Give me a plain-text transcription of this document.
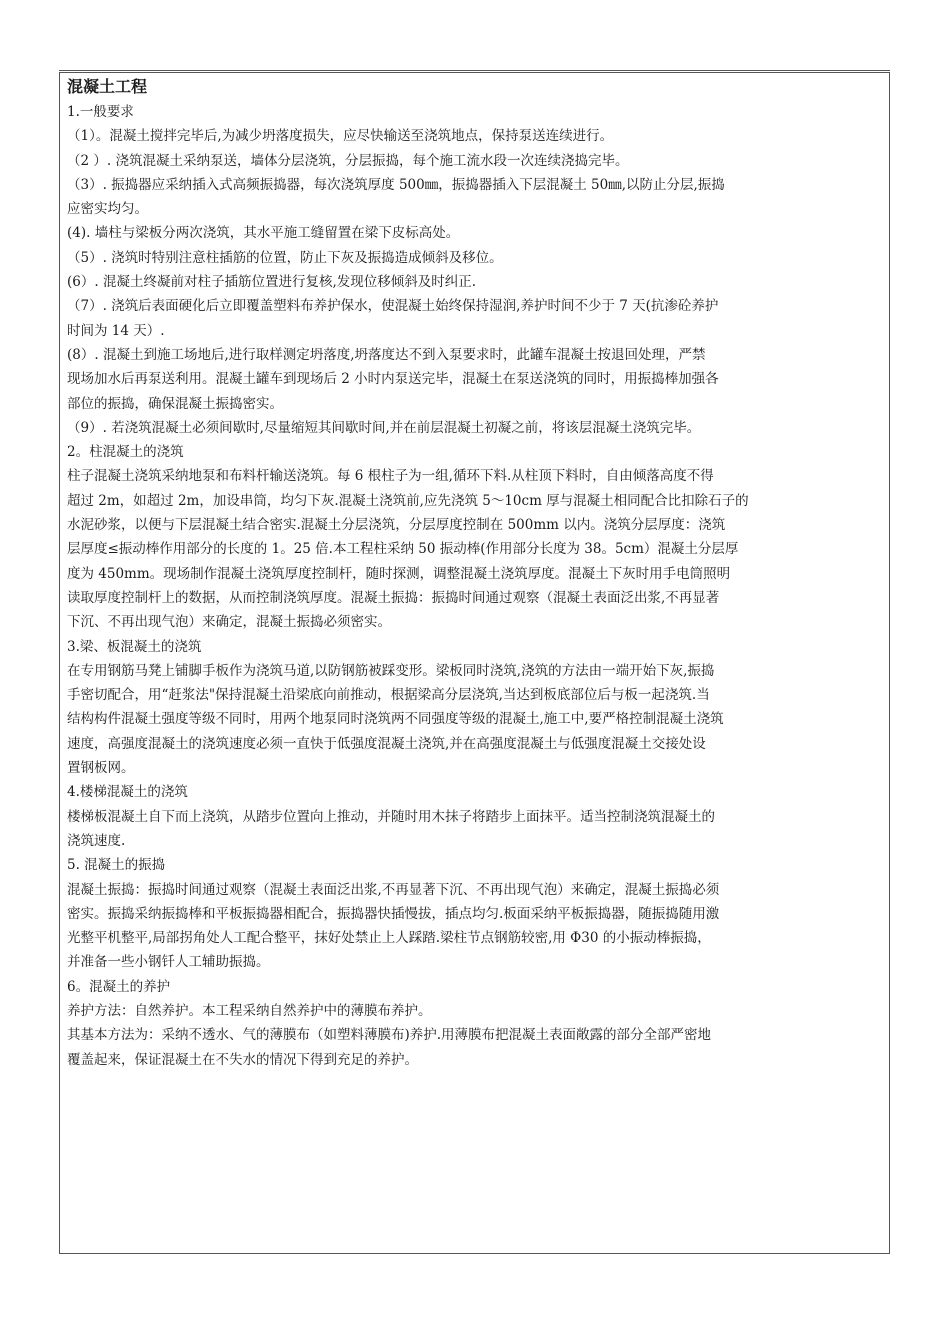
混凝土工程

1.一般要求

（1）。混凝土搅拌完毕后,为减少坍落度损失，应尽快输送至浇筑地点，保持泵送连续进行。

（2 ）. 浇筑混凝土采纳泵送，墙体分层浇筑，分层振捣，每个施工流水段一次连续浇捣完毕。

（3）. 振捣器应采纳插入式高频振捣器，每次浇筑厚度 500㎜，振捣器插入下层混凝土 50㎜,以防止分层,振捣

应密实均匀。

(4). 墙柱与梁板分两次浇筑，其水平施工缝留置在梁下皮标高处。

（5）. 浇筑时特别注意柱插筋的位置，防止下灰及振捣造成倾斜及移位。

(6）. 混凝土终凝前对柱子插筋位置进行复核,发现位移倾斜及时纠正.

（7）. 浇筑后表面硬化后立即覆盖塑料布养护保水，使混凝土始终保持湿润,养护时间不少于 7 天(抗渗砼养护

时间为 14 天）.

(8）. 混凝土到施工场地后,进行取样测定坍落度,坍落度达不到入泵要求时，此罐车混凝土按退回处理，严禁

现场加水后再泵送利用。混凝土罐车到现场后 2 小时内泵送完毕，混凝土在泵送浇筑的同时，用振捣棒加强各

部位的振捣，确保混凝土振捣密实。

（9）. 若浇筑混凝土必须间歇时,尽量缩短其间歇时间,并在前层混凝土初凝之前，将该层混凝土浇筑完毕。

2。柱混凝土的浇筑

柱子混凝土浇筑采纳地泵和布料杆输送浇筑。每 6 根柱子为一组,循环下料.从柱顶下料时，自由倾落高度不得

超过 2m，如超过 2m，加设串筒，均匀下灰.混凝土浇筑前,应先浇筑 5～10cm 厚与混凝土相同配合比扣除石子的

水泥砂浆，以便与下层混凝土结合密实.混凝土分层浇筑，分层厚度控制在 500mm 以内。浇筑分层厚度：浇筑

层厚度≤振动棒作用部分的长度的 1。25 倍.本工程柱采纳 50 振动棒(作用部分长度为 38。5cm）混凝土分层厚

度为 450mm。现场制作混凝土浇筑厚度控制杆，随时探测，调整混凝土浇筑厚度。混凝土下灰时用手电筒照明

读取厚度控制杆上的数据，从而控制浇筑厚度。混凝土振捣：振捣时间通过观察（混凝土表面泛出浆,不再显著

下沉、不再出现气泡）来确定，混凝土振捣必须密实。

3.梁、板混凝土的浇筑

在专用钢筋马凳上铺脚手板作为浇筑马道,以防钢筋被踩变形。梁板同时浇筑,浇筑的方法由一端开始下灰,振捣

手密切配合，用“赶浆法"保持混凝土沿梁底向前推动，根据梁高分层浇筑,当达到板底部位后与板一起浇筑.当

结构构件混凝土强度等级不同时，用两个地泵同时浇筑两不同强度等级的混凝土,施工中,要严格控制混凝土浇筑

速度，高强度混凝土的浇筑速度必须一直快于低强度混凝土浇筑,并在高强度混凝土与低强度混凝土交接处设

置钢板网。

4.楼梯混凝土的浇筑

楼梯板混凝土自下而上浇筑，从踏步位置向上推动，并随时用木抹子将踏步上面抹平。适当控制浇筑混凝土的

浇筑速度.

5. 混凝土的振捣

混凝土振捣：振捣时间通过观察（混凝土表面泛出浆,不再显著下沉、不再出现气泡）来确定，混凝土振捣必须

密实。振捣采纳振捣棒和平板振捣器相配合，振捣器快插慢拔，插点均匀.板面采纳平板振捣器，随振捣随用激

光整平机整平,局部拐角处人工配合整平，抹好处禁止上人踩踏.梁柱节点钢筋较密,用 Φ30 的小振动棒振捣，

并准备一些小钢钎人工辅助振捣。

6。混凝土的养护

养护方法：自然养护。本工程采纳自然养护中的薄膜布养护。

其基本方法为：采纳不透水、气的薄膜布（如塑料薄膜布)养护.用薄膜布把混凝土表面敞露的部分全部严密地

覆盖起来，保证混凝土在不失水的情况下得到充足的养护。
